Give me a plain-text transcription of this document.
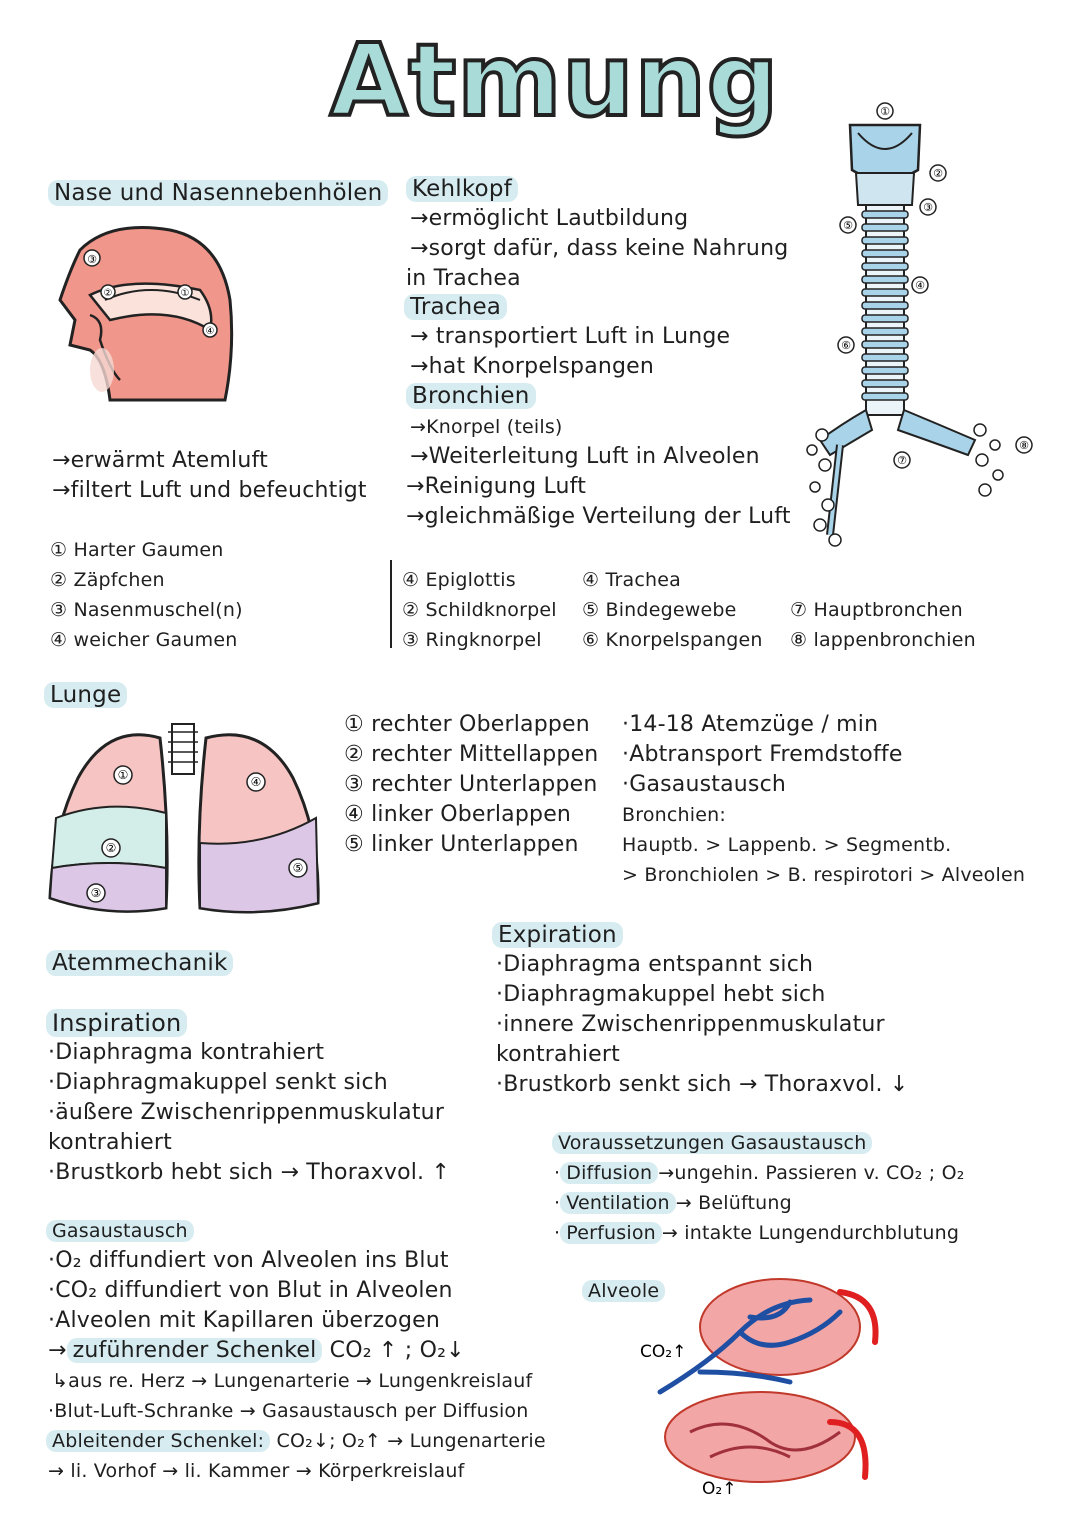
Atmung
Nase und Nasennebenhölen
③
②	①
④
→erwärmt Atemluft
→filtert Luft und befeuchtigt
① Harter Gaumen
② Zäpfchen
③ Nasenmuschel(n)
④ weicher Gaumen
Kehlkopf
→ermöglicht Lautbildung
→sorgt dafür, dass keine Nahrung
in Trachea
Trachea
→ transportiert Luft in Lunge
→hat Knorpelspangen
Bronchien
→Knorpel (teils)
→Weiterleitung Luft in Alveolen
→Reinigung Luft
→gleichmäßige Verteilung der Luft
①
②
③
④
⑤
⑥
⑦
⑧
④ Epiglottis
② Schildknorpel
③ Ringknorpel
④ Trachea
⑤ Bindegewebe
⑥ Knorpelspangen
⑦ Hauptbronchen
⑧ lappenbronchien
Lunge
①
②
③
④
⑤
① rechter Oberlappen
② rechter Mittellappen
③ rechter Unterlappen
④ linker Oberlappen
⑤ linker Unterlappen
·14-18 Atemzüge / min
·Abtransport Fremdstoffe
·Gasaustausch
Bronchien:
Hauptb. > Lappenb. > Segmentb.
> Bronchiolen > B. respirotori > Alveolen
Atemmechanik
Inspiration
·Diaphragma kontrahiert
·Diaphragmakuppel senkt sich
·äußere Zwischenrippenmuskulatur
kontrahiert
·Brustkorb hebt sich → Thoraxvol. ↑
Expiration
·Diaphragma entspannt sich
·Diaphragmakuppel hebt sich
·innere Zwischenrippenmuskulatur
kontrahiert
·Brustkorb senkt sich → Thoraxvol. ↓
Voraussetzungen Gasaustausch
· Diffusion →ungehin. Passieren v. CO₂ ; O₂
· Ventilation → Belüftung
· Perfusion → intakte Lungendurchblutung
Gasaustausch
·O₂ diffundiert von Alveolen ins Blut
·CO₂ diffundiert von Blut in Alveolen
·Alveolen mit Kapillaren überzogen
→ zuführender Schenkel CO₂ ↑ ; O₂↓
↳aus re. Herz → Lungenarterie → Lungenkreislauf
·Blut-Luft-Schranke → Gasaustausch per Diffusion
Ableitender Schenkel: CO₂↓; O₂↑ → Lungenarterie
→ li. Vorhof → li. Kammer → Körperkreislauf
Alveole
CO₂↑
O₂↑
